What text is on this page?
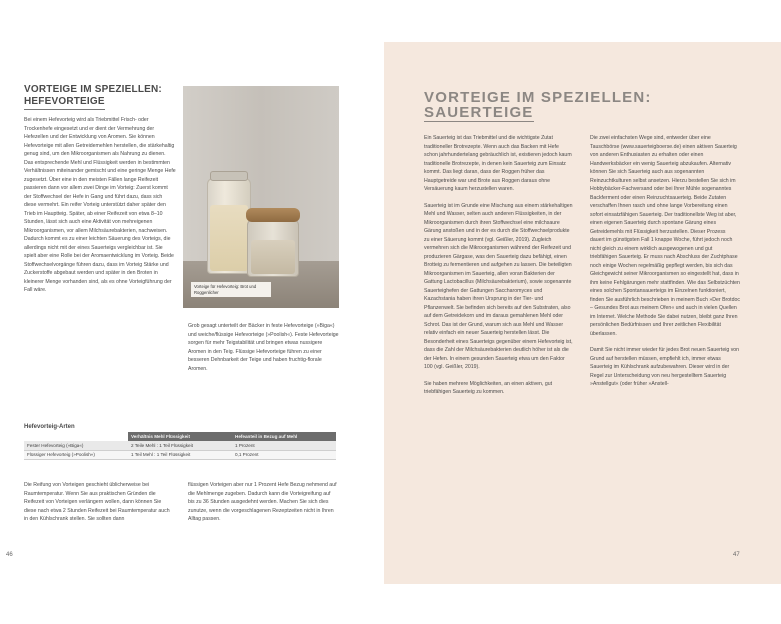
VORTEIGE IM SPEZIELLEN:
HEFEVORTEIGE

Bei einem Hefevorteig wird als Triebmittel Frisch- oder Trockenhefe eingesetzt und er dient der Vermehrung der Hefezellen und der Entwicklung von Aromen. Sie können Hefevorteige mit allen Getreidemehlen herstellen, die stärkehaltig genug sind, um den Mikroorganismen als Nahrung zu dienen. Das entsprechende Mehl und Flüssigkeit werden in bestimmten Verhältnissen miteinander gemischt und eine geringe Menge Hefe zugesetzt. Über eine in den meisten Fällen lange Reifezeit passieren dann vor allem zwei Dinge im Vorteig: Zuerst kommt der Stoffwechsel der Hefe in Gang und führt dazu, dass sich diese vermehrt. Ein reifer Vorteig unterstützt daher später den Trieb im Hauptteig. Später, ab einer Reifezeit von etwa 8–10 Stunden, lässt sich auch eine Aktivität von mehreigenen Mikroorganismen, vor allem Milchsäurebakterien, nachweisen. Dadurch kommt es zu einer leichten Säuerung des Vorteigs, die allerdings nicht mit der eines Sauerteigs vergleichbar ist. Sie spielt aber eine Rolle bei der Aromaentwicklung im Vorteig. Beide Stoffwechselvorgänge führen dazu, dass im Vorteig Stärke und Zuckerstoffe abgebaut werden und später in den Broten in kleinerer Menge vorhanden sind, als es ohne Vorteigführung der Fall wäre.

Vorteige für Hefevorteig: Brot und Roggenlicher

Grob gesagt unterteilt der Bäcker in feste Hefevorteige (»Biga«) und weiche/flüssige Hefevorteige (»Poolish«). Feste Hefevorteige sorgen für mehr Teigstabilität und bringen etwas nussigere Aromen in den Teig. Flüssige Hefevorteige führen zu einer besseren Dehnbarkeit der Teige und haben fruchtig-florale Aromen.

Hefevorteig-Arten
	Verhältnis Mehl Flüssigkeit	Hefeanteil in Bezug auf Mehl
Fester Hefevorteig (»Biga«)	2 Teile Mehl : 1 Teil Flüssigkeit	1 Prozent
Flüssiger Hefevorteig (»Poolish«)	1 Teil Mehl : 1 Teil Flüssigkeit	0,1 Prozent

Die Reifung von Vorteigen geschieht üblicherweise bei Raumtemperatur. Wenn Sie aus praktischen Gründen die Reifezeit von Vorteigen verlängern wollen, dann können Sie diese nach etwa 2 Stunden Reifezeit bei Raumtemperatur auch in den Kühlschrank stellen. Sie sollten dann

flüssigen Vorteigen aber nur 1 Prozent Hefe Bezug nehmend auf die Mehlmenge zugeben. Dadurch kann die Vorteigreifung auf bis zu 36 Stunden ausgedehnt werden. Machen Sie sich dies zunutze, wenn die vorgeschlagenen Rezeptzeiten nicht in Ihren Alltag passen.

46
VORTEIGE IM SPEZIELLEN:
SAUERTEIGE

Ein Sauerteig ist das Triebmittel und die wichtigste Zutat traditioneller Brotrezepte. Wenn auch das Backen mit Hefe schon jahrhundertelang gebräuchlich ist, existieren jedoch kaum traditionelle Brotrezepte, in denen kein Sauerteig zum Einsatz kommt. Das liegt daran, dass der Roggen früher das Hauptgetreide war und Brote aus Roggen daraus ohne Versäuerung kaum herzustellen waren.

Sauerteig ist im Grunde eine Mischung aus einem stärkehaltigen Mehl und Wasser, selten auch anderen Flüssigkeiten, in der Mikroorganismen durch ihren Stoffwechsel eine milchsaure Gärung anstoßen und in der es durch die Stoffwechselprodukte zu einer Säuerung kommt (vgl. Geißler, 2019). Zugleich vermehren sich die Mikroorganismen während der Reifezeit und produzieren Gärgase, was den Sauerteig dazu befähigt, einen Brotteig zu fermentieren und aufgehen zu lassen. Die beteiligten Mikroorganismen im Sauerteig, allen voran Bakterien der Gattung Lactobacillus (Milchsäurebakterium), sowie sogenannte Sauerteighefen der Gattungen Saccharomyces und Kazachstania haben ihren Ursprung in der Tier- und Pflanzenwelt. Sie befinden sich bereits auf den Substraten, also auf dem Getreidekorn und im daraus gemahlenen Mehl oder Schrot. Das ist der Grund, warum sich aus Mehl und Wasser relativ einfach ein neuer Sauerteig herstellen lässt. Die Besonderheit eines Sauerteigs gegenüber einem Hefevorteig ist, dass die Zahl der Milchsäurebakterien deutlich höher ist als die der Hefen. In einem gesunden Sauerteig etwa um den Faktor 100 (vgl. Geißler, 2019).

Sie haben mehrere Möglichkeiten, an einen aktiven, gut triebfähigen Sauerteig zu kommen.

Die zwei einfachsten Wege sind, entweder über eine Tauschbörse (www.sauerteigboerse.de) einen aktiven Sauerteig von anderen Enthusiasten zu erhalten oder einen Handwerksbäcker ein wenig Sauerteig abzukaufen. Alternativ können Sie sich Sauerteig auch aus sogenannten Reinzuchtkulturen selbst ansetzen. Hierzu bestellen Sie sich im Hobbybäcker-Fachversand oder bei Ihrer Mühle sogenanntes Backferment oder einen Reinzuchtsauerteig. Beide Zutaten verschaffen Ihnen rasch und ohne lange Vorbereitung einen sofort einsatzfähigen Sauerteig. Der traditionellste Weg ist aber, einen eigenen Sauerteig durch spontane Gärung eines Getreidemehls mit Flüssigkeit herzustellen. Dieser Prozess dauert im günstigsten Fall 1 knappe Woche, führt jedoch noch nicht gleich zu einem wirklich ausgewogenen und gut triebfähigen Sauerteig. Er muss nach Abschluss der Zuchtphase noch einige Wochen regelmäßig gepflegt werden, bis sich das Gleichgewicht seiner Mikroorganismen so eingestellt hat, dass in ihm keine Fehlgärungen mehr stattfinden. Wie das Selbstzüchten eines solchen Spontansauerteigs im Einzelnen funktioniert, finden Sie ausführlich beschrieben in meinem Buch »Der Brotdoc – Gesundes Brot aus meinem Ofen« und auch in vielen Quellen im Internet. Welche Methode Sie dabei nutzen, bleibt ganz Ihren persönlichen Bedürfnissen und Ihrer zeitlichen Flexibilität überlassen.

Damit Sie nicht immer wieder für jedes Brot neuen Sauerteig von Grund auf herstellen müssen, empfiehlt ich, immer etwas Sauerteig im Kühlschrank aufzubewahren. Dieser wird in der Regel zur Unterscheidung von neu hergestelltem Sauerteig »Anstellgut« (oder früher »Anstell-

47
